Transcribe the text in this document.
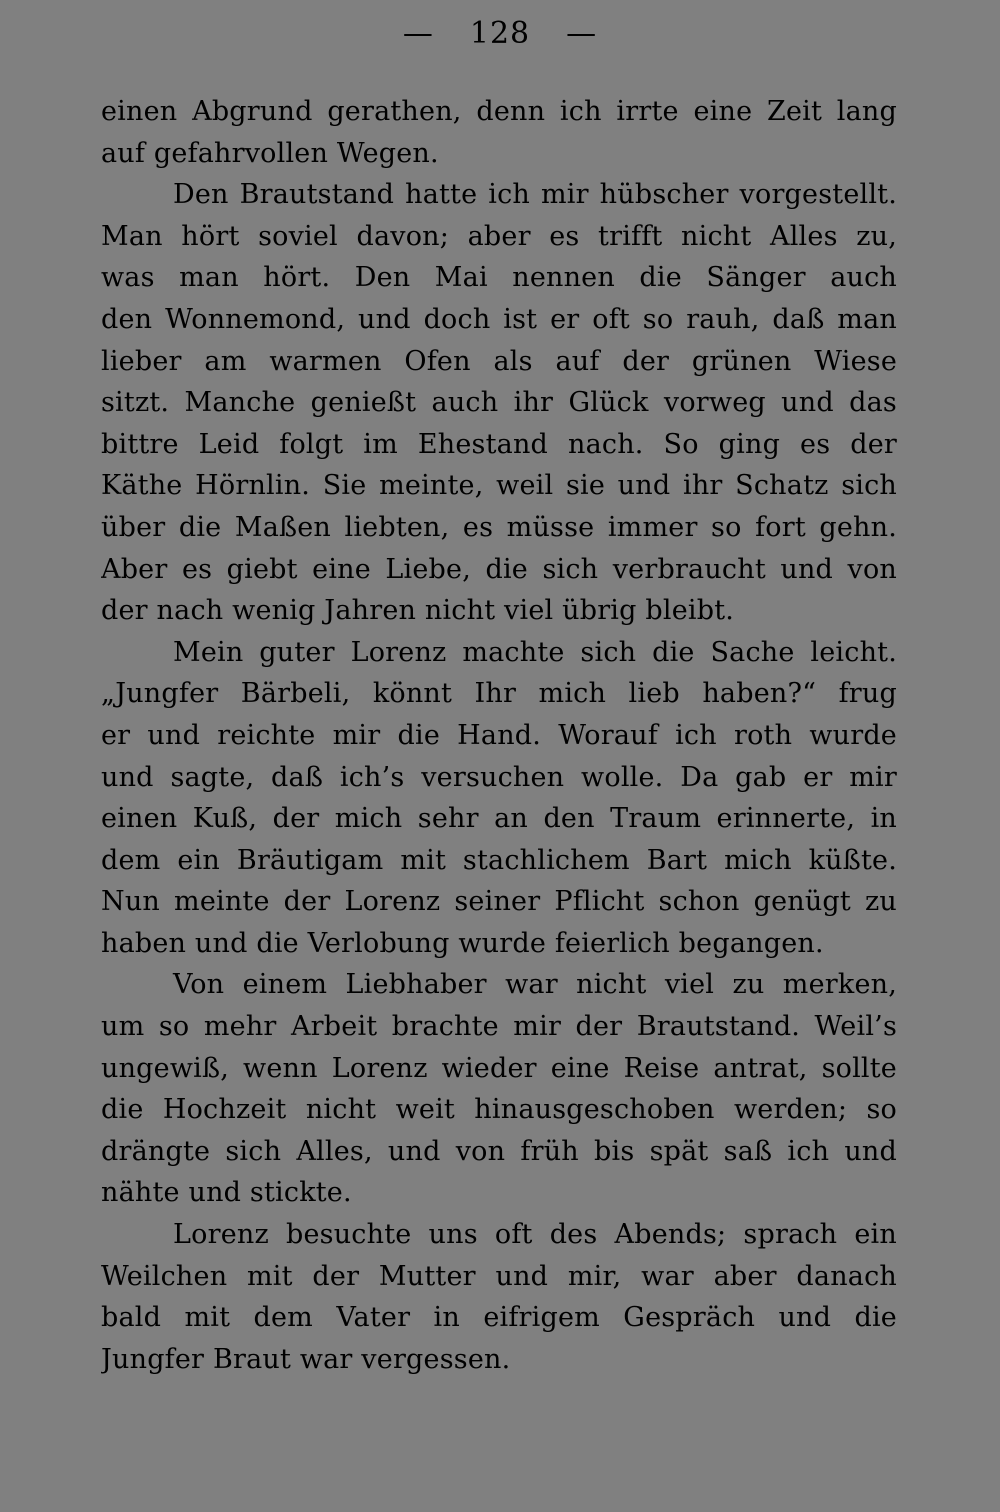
— 128 —
einen Abgrund gerathen, denn ich irrte eine Zeit lang
auf gefahrvollen Wegen.
Den Brautstand hatte ich mir hübscher vorgestellt.
Man hört soviel davon; aber es trifft nicht Alles zu,
was man hört. Den Mai nennen die Sänger auch
den Wonnemond, und doch ist er oft so rauh, daß man
lieber am warmen Ofen als auf der grünen Wiese
sitzt. Manche genießt auch ihr Glück vorweg und das
bittre Leid folgt im Ehestand nach. So ging es der
Käthe Hörnlin. Sie meinte, weil sie und ihr Schatz sich
über die Maßen liebten, es müsse immer so fort gehn.
Aber es giebt eine Liebe, die sich verbraucht und von
der nach wenig Jahren nicht viel übrig bleibt.
Mein guter Lorenz machte sich die Sache leicht.
„Jungfer Bärbeli, könnt Ihr mich lieb haben?“ frug
er und reichte mir die Hand. Worauf ich roth wurde
und sagte, daß ich’s versuchen wolle. Da gab er mir
einen Kuß, der mich sehr an den Traum erinnerte, in
dem ein Bräutigam mit stachlichem Bart mich küßte.
Nun meinte der Lorenz seiner Pflicht schon genügt zu
haben und die Verlobung wurde feierlich begangen.
Von einem Liebhaber war nicht viel zu merken,
um so mehr Arbeit brachte mir der Brautstand. Weil’s
ungewiß, wenn Lorenz wieder eine Reise antrat, sollte
die Hochzeit nicht weit hinausgeschoben werden; so
drängte sich Alles, und von früh bis spät saß ich und
nähte und stickte.
Lorenz besuchte uns oft des Abends; sprach ein
Weilchen mit der Mutter und mir, war aber danach
bald mit dem Vater in eifrigem Gespräch und die
Jungfer Braut war vergessen.
